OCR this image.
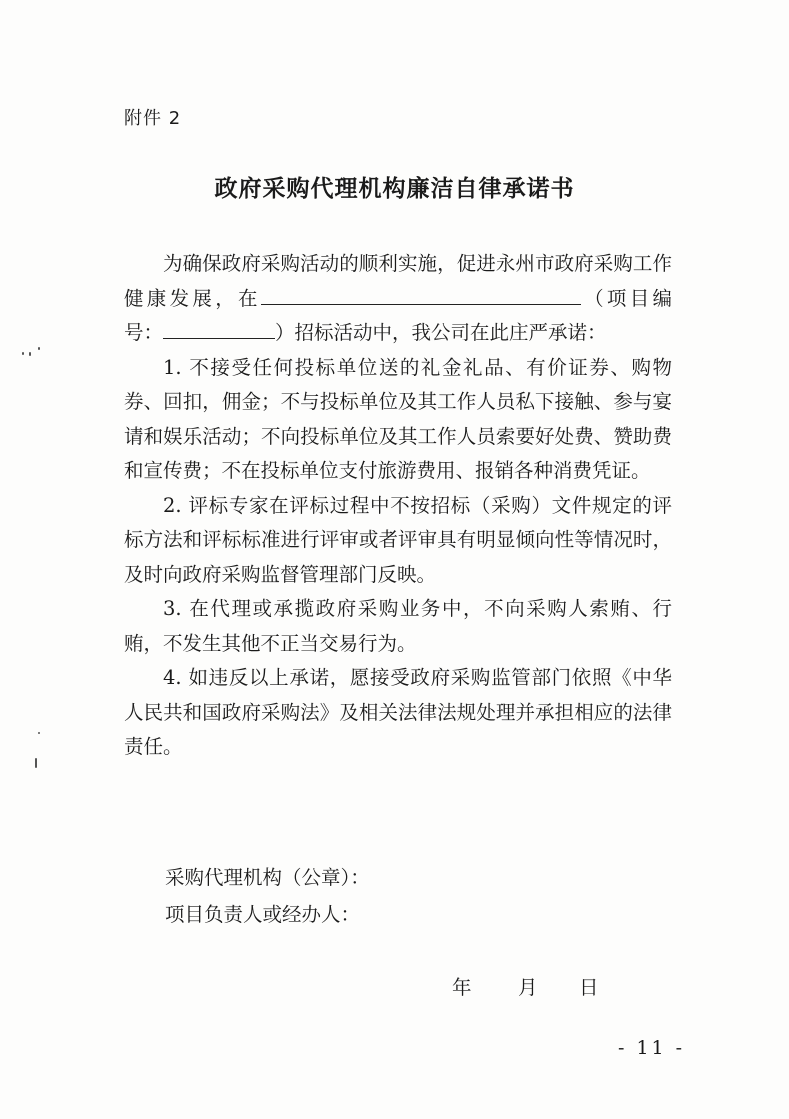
附件 2
政府采购代理机构廉洁自律承诺书

为确保政府采购活动的顺利实施，促进永州市政府采购工作健康发展，在	（项目编号：	）招标活动中，我公司在此庄严承诺：

1. 不接受任何投标单位送的礼金礼品、有价证券、购物券、回扣，佣金；不与投标单位及其工作人员私下接触、参与宴请和娱乐活动；不向投标单位及其工作人员索要好处费、赞助费和宣传费；不在投标单位支付旅游费用、报销各种消费凭证。

2. 评标专家在评标过程中不按招标（采购）文件规定的评标方法和评标标准进行评审或者评审具有明显倾向性等情况时，及时向政府采购监督管理部门反映。

3. 在代理或承揽政府采购业务中，不向采购人索贿、行贿，不发生其他不正当交易行为。

4. 如违反以上承诺，愿接受政府采购监管部门依照《中华人民共和国政府采购法》及相关法律法规处理并承担相应的法律责任。

采购代理机构（公章）：
项目负责人或经办人：
年 月 日
- 11 -
